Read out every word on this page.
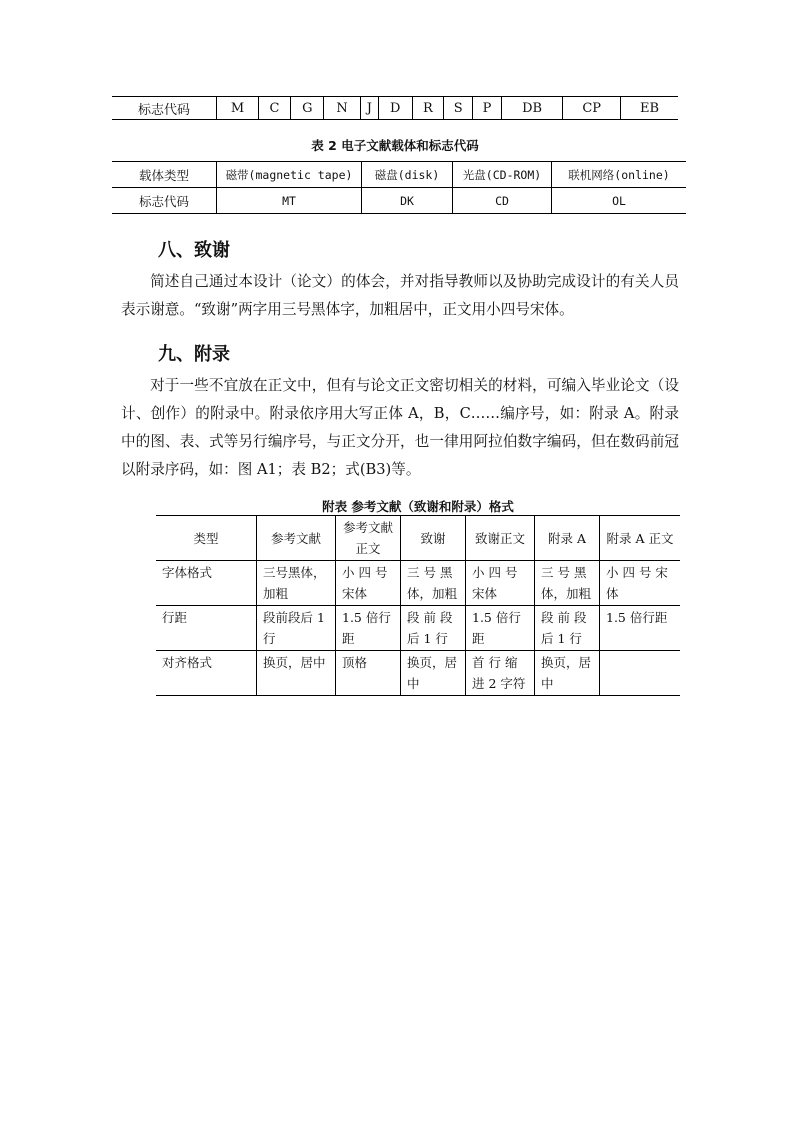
标志代码	M	C	G	N	J	D	R	S	P	DB	CP	EB
表 2 电子文献载体和标志代码
载体类型	磁带(magnetic tape)	磁盘(disk)	光盘(CD-ROM)	联机网络(online)
标志代码	MT	DK	CD	OL
八、致谢
简述自己通过本设计（论文）的体会，并对指导教师以及协助完成设计的有关人员表示谢意。“致谢”两字用三号黑体字，加粗居中，正文用小四号宋体。
九、附录
对于一些不宜放在正文中，但有与论文正文密切相关的材料，可编入毕业论文（设计、创作）的附录中。附录依序用大写正体 A，B，C……编序号，如：附录 A。附录中的图、表、式等另行编序号，与正文分开，也一律用阿拉伯数字编码，但在数码前冠以附录序码，如：图 A1；表 B2；式(B3)等。
附表 参考文献（致谢和附录）格式
类型	参考文献	参考文献正文	致谢	致谢正文	附录 A	附录 A 正文
字体格式	三号黑体，加粗	小 四 号 宋体	三 号 黑 体，加粗	小 四 号 宋体	三 号 黑 体，加粗	小 四 号 宋体
行距	段前段后 1 行	1.5 倍行距	段 前 段 后 1 行	1.5 倍行距	段 前 段 后 1 行	1.5 倍行距
对齐格式	换页，居中	顶格	换页，居中	首 行 缩 进 2 字符	换页，居中	
